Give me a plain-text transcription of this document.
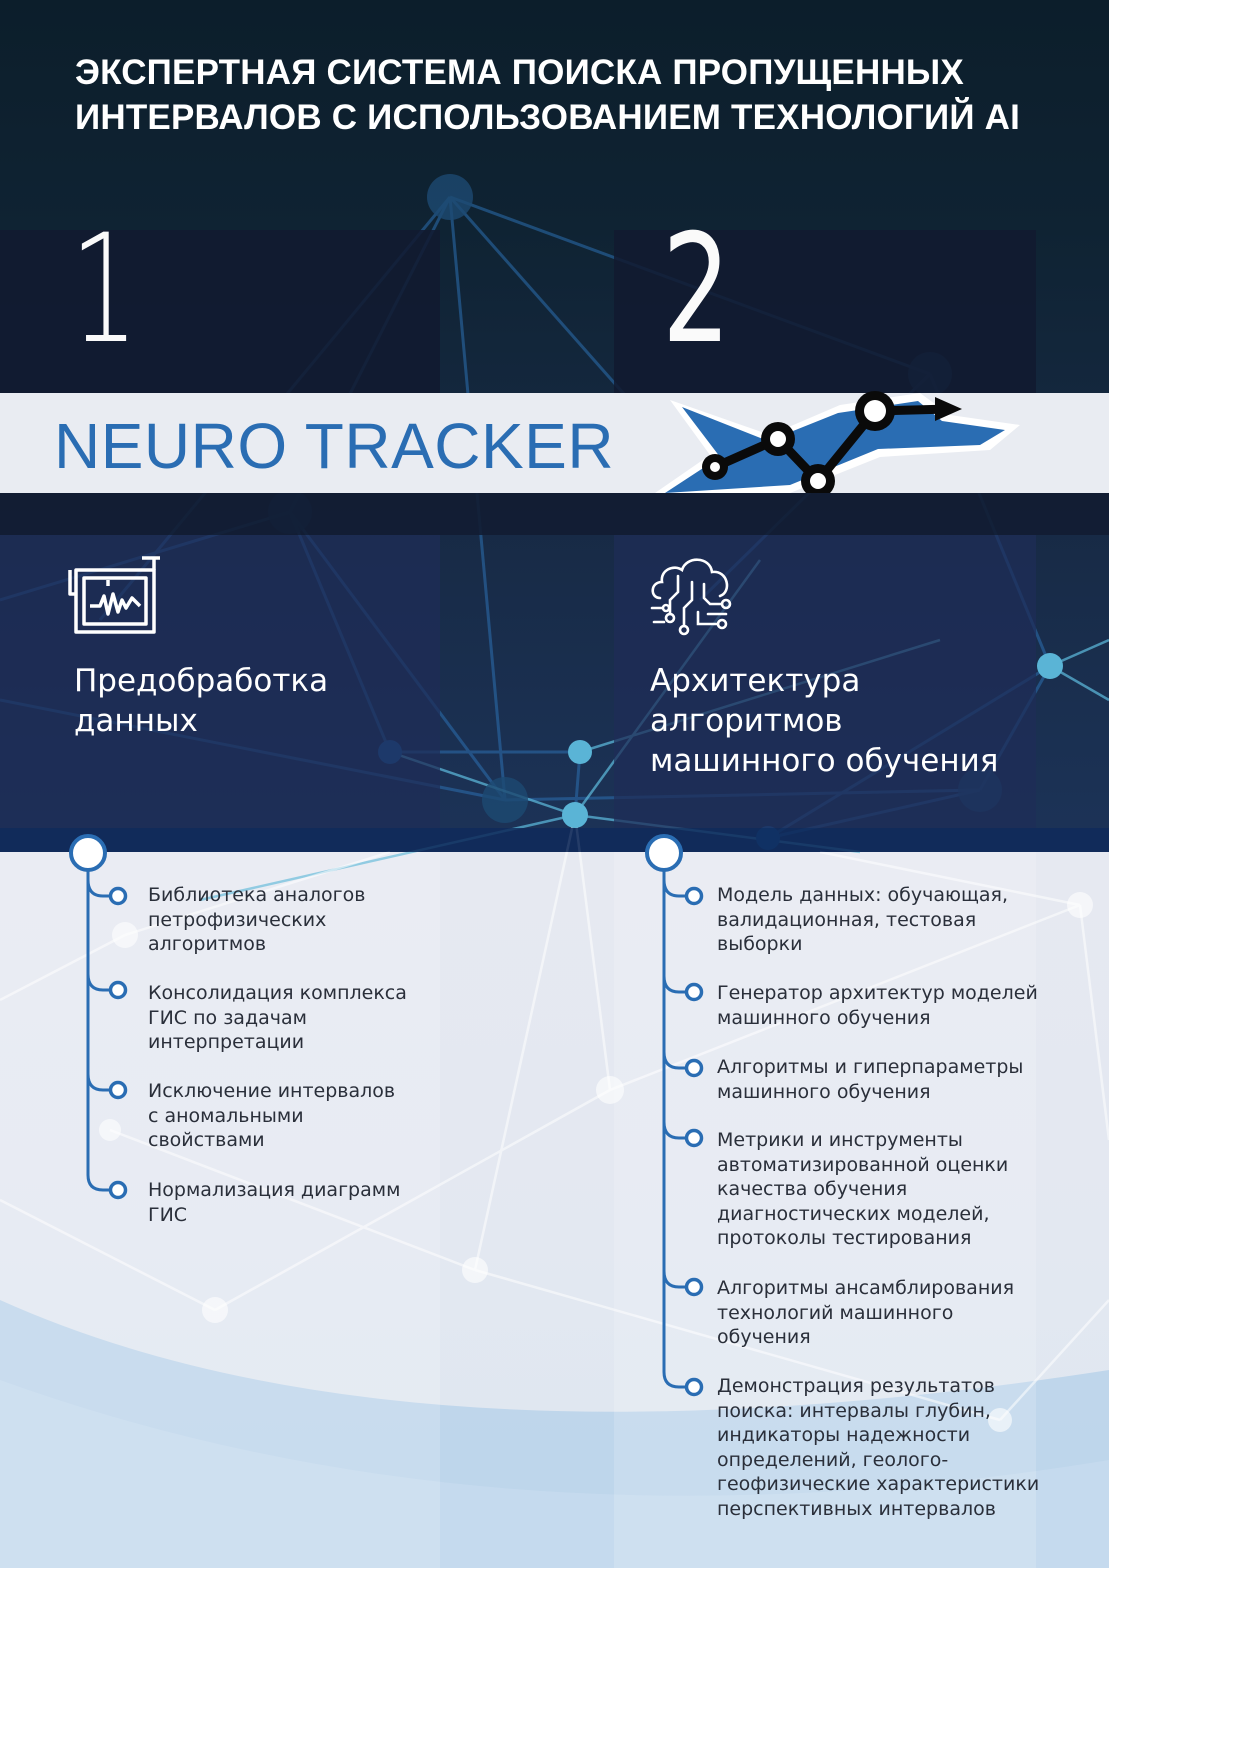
ЭКСПЕРТНАЯ СИСТЕМА ПОИСКА ПРОПУЩЕННЫХ
ИНТЕРВАЛОВ С ИСПОЛЬЗОВАНИЕМ ТЕХНОЛОГИЙ AI
1	2
NEURO TRACKER
Предобработка
данных
Архитектура
алгоритмов
машинного обучения
Библиотека аналогов
петрофизических
алгоритмов
Консолидация комплекса
ГИС по задачам
интерпретации
Исключение интервалов
с аномальными
свойствами
Нормализация диаграмм
ГИС
Модель данных: обучающая,
валидационная, тестовая
выборки
Генератор архитектур моделей
машинного обучения
Алгоритмы и гиперпараметры
машинного обучения
Метрики и инструменты
автоматизированной оценки
качества обучения
диагностических моделей,
протоколы тестирования
Алгоритмы ансамблирования
технологий машинного
обучения
Демонстрация результатов
поиска: интервалы глубин,
индикаторы надежности
определений, геолого-
геофизические характеристики
перспективных интервалов
